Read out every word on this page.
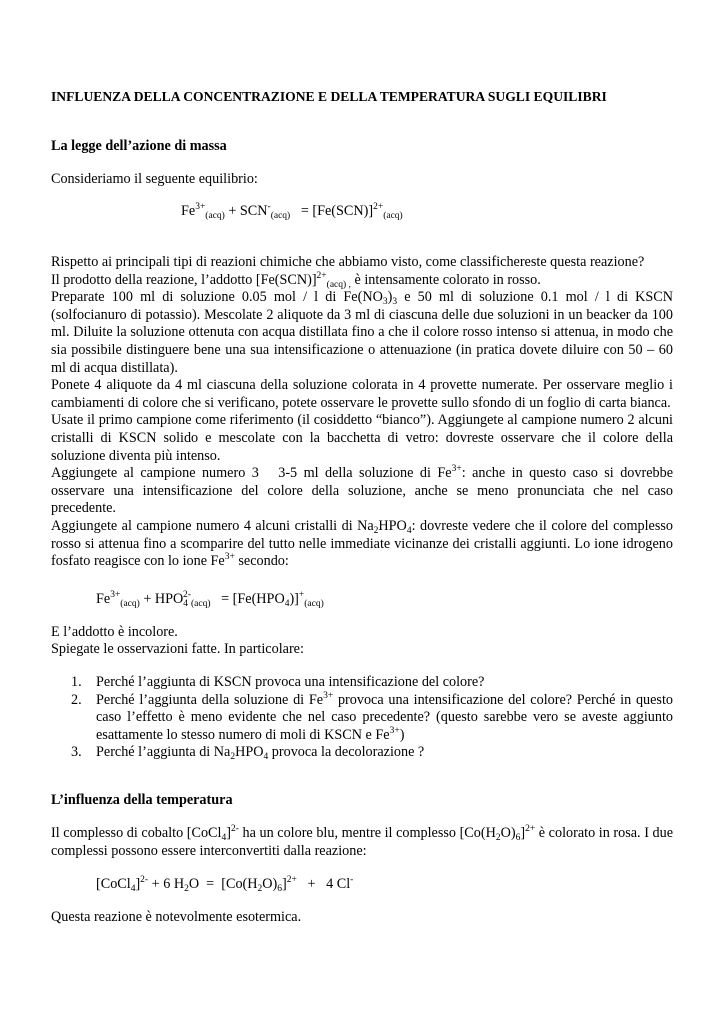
INFLUENZA DELLA CONCENTRAZIONE E DELLA TEMPERATURA SUGLI EQUILIBRI
La legge dell’azione di massa
Consideriamo il seguente equilibrio:
$Fe^{3+}_{(acq)} + SCN^-_{(acq)} = [Fe(SCN)]^{2+}_{(acq)}$
Rispetto ai principali tipi di reazioni chimiche che abbiamo visto, come classifichereste questa reazione?
Il prodotto della reazione, l’addotto $[Fe(SCN)]^{2+}_{(acq) ,}$ è intensamente colorato in rosso.
Preparate 100 ml di soluzione 0.05 mol / l di $Fe(NO_3)_3$ e 50 ml di soluzione 0.1 mol / l di KSCN (solfocianuro di potassio). Mescolate 2 aliquote da 3 ml di ciascuna delle due soluzioni in un beacker da 100 ml. Diluite la soluzione ottenuta con acqua distillata fino a che il colore rosso intenso si attenua, in modo che sia possibile distinguere bene una sua intensificazione o attenuazione (in pratica dovete diluire con 50 – 60 ml di acqua distillata).
Ponete 4 aliquote da 4 ml ciascuna della soluzione colorata in 4 provette numerate. Per osservare meglio i cambiamenti di colore che si verificano, potete osservare le provette sullo sfondo di un foglio di carta bianca.
Usate il primo campione come riferimento (il cosiddetto “bianco”). Aggiungete al campione numero 2 alcuni cristalli di KSCN solido e mescolate con la bacchetta di vetro: dovreste osservare che il colore della soluzione diventa più intenso.
Aggiungete al campione numero 3   3-5 ml della soluzione di $Fe^{3+}$: anche in questo caso si dovrebbe osservare una intensificazione del colore della soluzione, anche se meno pronunciata che nel caso precedente.
Aggiungete al campione numero 4 alcuni cristalli di $Na_2HPO_4$: dovreste vedere che il colore del complesso rosso si attenua fino a scomparire del tutto nelle immediate vicinanze dei cristalli aggiunti. Lo ione idrogeno fosfato reagisce con lo ione $Fe^{3+}$ secondo:
$Fe^{3+}_{(acq)} + HPO_4^{2-}_{(acq)} = [Fe(HPO_4)]^+_{(acq)}$
E l’addotto è incolore.
Spiegate le osservazioni fatte. In particolare:
1. Perché l’aggiunta di KSCN provoca una intensificazione del colore?
2. Perché l’aggiunta della soluzione di $Fe^{3+}$ provoca una intensificazione del colore? Perché in questo caso l’effetto è meno evidente che nel caso precedente? (questo sarebbe vero se aveste aggiunto esattamente lo stesso numero di moli di KSCN e $Fe^{3+}$)
3. Perché l’aggiunta di $Na_2HPO_4$ provoca la decolorazione ?
L’influenza della temperatura
Il complesso di cobalto [CoCl$_4$]$^{2-}$ ha un colore blu, mentre il complesso $[Co(H_2O)_6]^{2+}$ è colorato in rosa. I due complessi possono essere interconvertiti dalla reazione:
[CoCl$_4$]$^{2-}$ + 6 $H_2O = [Co(H_2O)_6]^{2+} + 4$ Cl-
Questa reazione è notevolmente esotermica.
